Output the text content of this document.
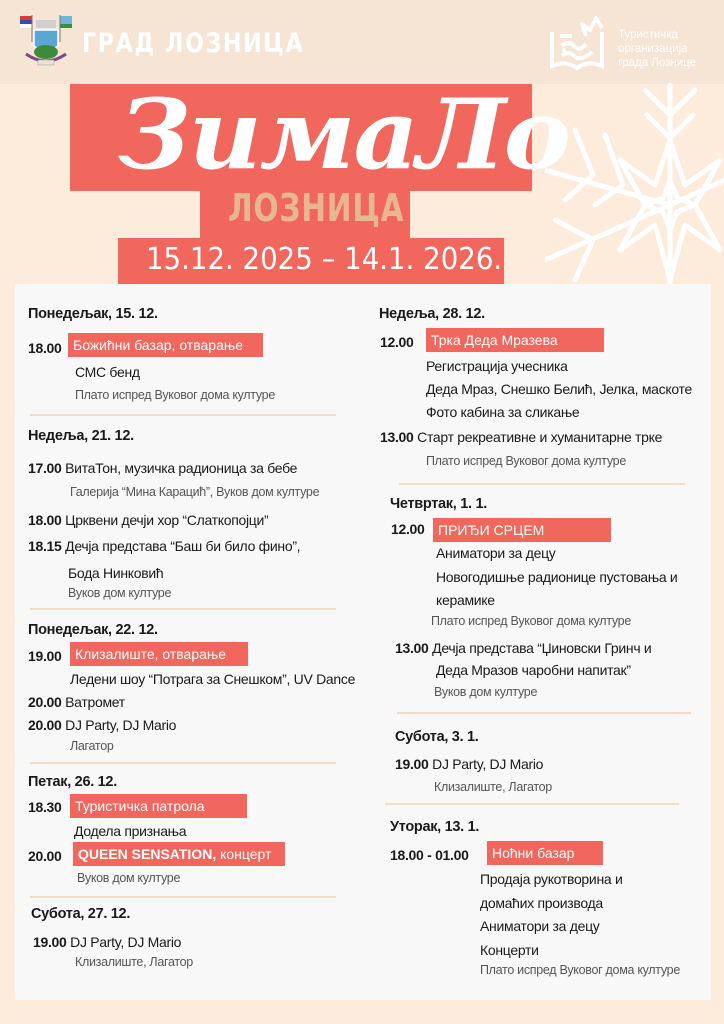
ГРАД ЛОЗНИЦА	Туристичка
организација
града Лознице
ЗимаЛо
ЛОЗНИЦА
15.12. 2025 – 14.1. 2026.
Понедељак, 15. 12.
18.00 Божићни базар, отварање
СМС бенд
Плато испред Вуковог дома културе
Недеља, 21. 12.
17.00 ВитаТон, музичка радионица за бебе
Галерија “Мина Карацић”, Вуков дом културе
18.00 Црквени дечји хор “Слаткопојци”
18.15 Дечја представа “Баш би било фино”,
Бода Нинковић
Вуков дом културе
Понедељак, 22. 12.
19.00 Клизалиште, отварање
Ледени шоу “Потрага за Снешком”, UV Dance
20.00 Ватромет
20.00 DJ Party, DJ Mario
Лагатор
Петак, 26. 12.
18.30 Туристичка патрола
Додела признања
20.00	QUEEN SENSATION, концерт
Вуков дом културе
Субота, 27. 12.
19.00 DJ Party, DJ Mario
Клизалиште, Лагатор
Недеља, 28. 12.
12.00	Трка Деда Мразева
Регистрација учесника
Деда Мраз, Снешко Белић, Јелка, маскоте
Фото кабина за сликање
13.00 Старт рекреативне и хуманитарне трке
Плато испред Вуковог дома културе
Четвртак, 1. 1.
12.00 ПРИЂИ СРЦЕМ
Аниматори за децу
Новогодишње радионице пустовања и
керамике
Плато испред Вуковог дома културе
13.00 Дечја представа “Џиновски Гринч и
Деда Мразов чаробни напитак”
Вуков дом културе
Субота, 3. 1.
19.00 DJ Party, DJ Mario
Клизалиште, Лагатор
Уторак, 13. 1.
18.00 - 01.00	Ноћни базар
Продаја рукотворина и
домаћих производа
Аниматори за децу
Концерти
Плато испред Вуковог дома културе
